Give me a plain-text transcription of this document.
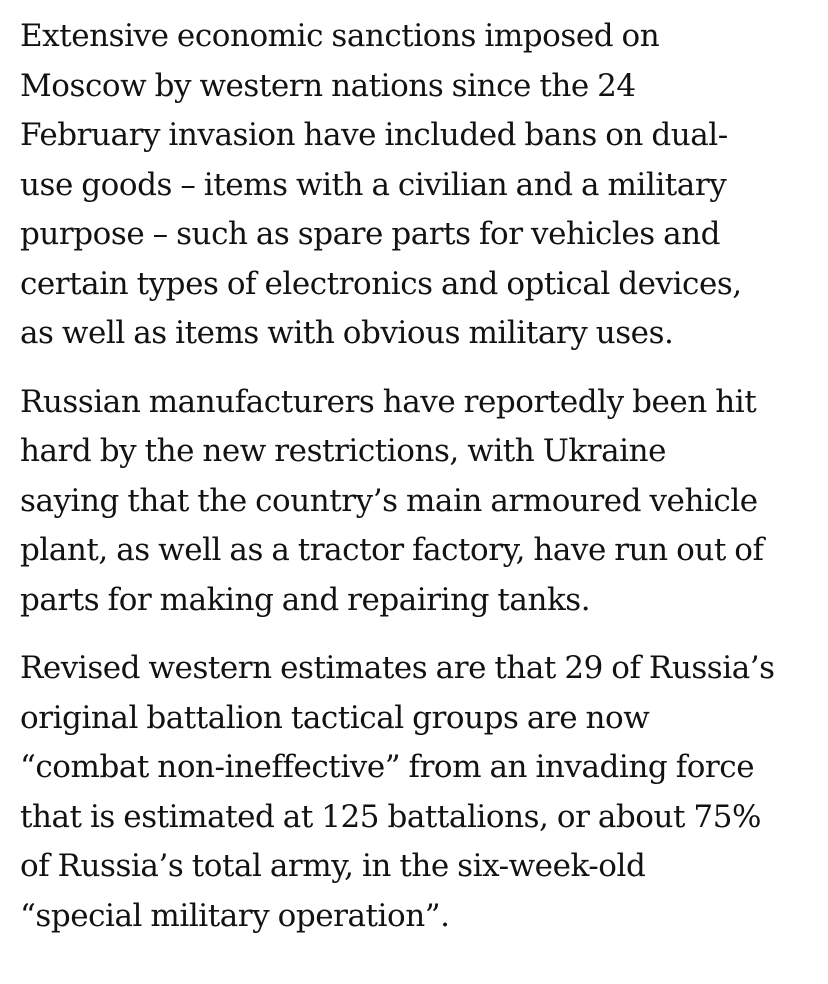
Extensive economic sanctions imposed on
Moscow by western nations since the 24
February invasion have included bans on dual-
use goods – items with a civilian and a military
purpose – such as spare parts for vehicles and
certain types of electronics and optical devices,
as well as items with obvious military uses.

Russian manufacturers have reportedly been hit
hard by the new restrictions, with Ukraine
saying that the country’s main armoured vehicle
plant, as well as a tractor factory, have run out of
parts for making and repairing tanks.

Revised western estimates are that 29 of Russia’s
original battalion tactical groups are now
“combat non-ineffective” from an invading force
that is estimated at 125 battalions, or about 75%
of Russia’s total army, in the six-week-old
“special military operation”.
